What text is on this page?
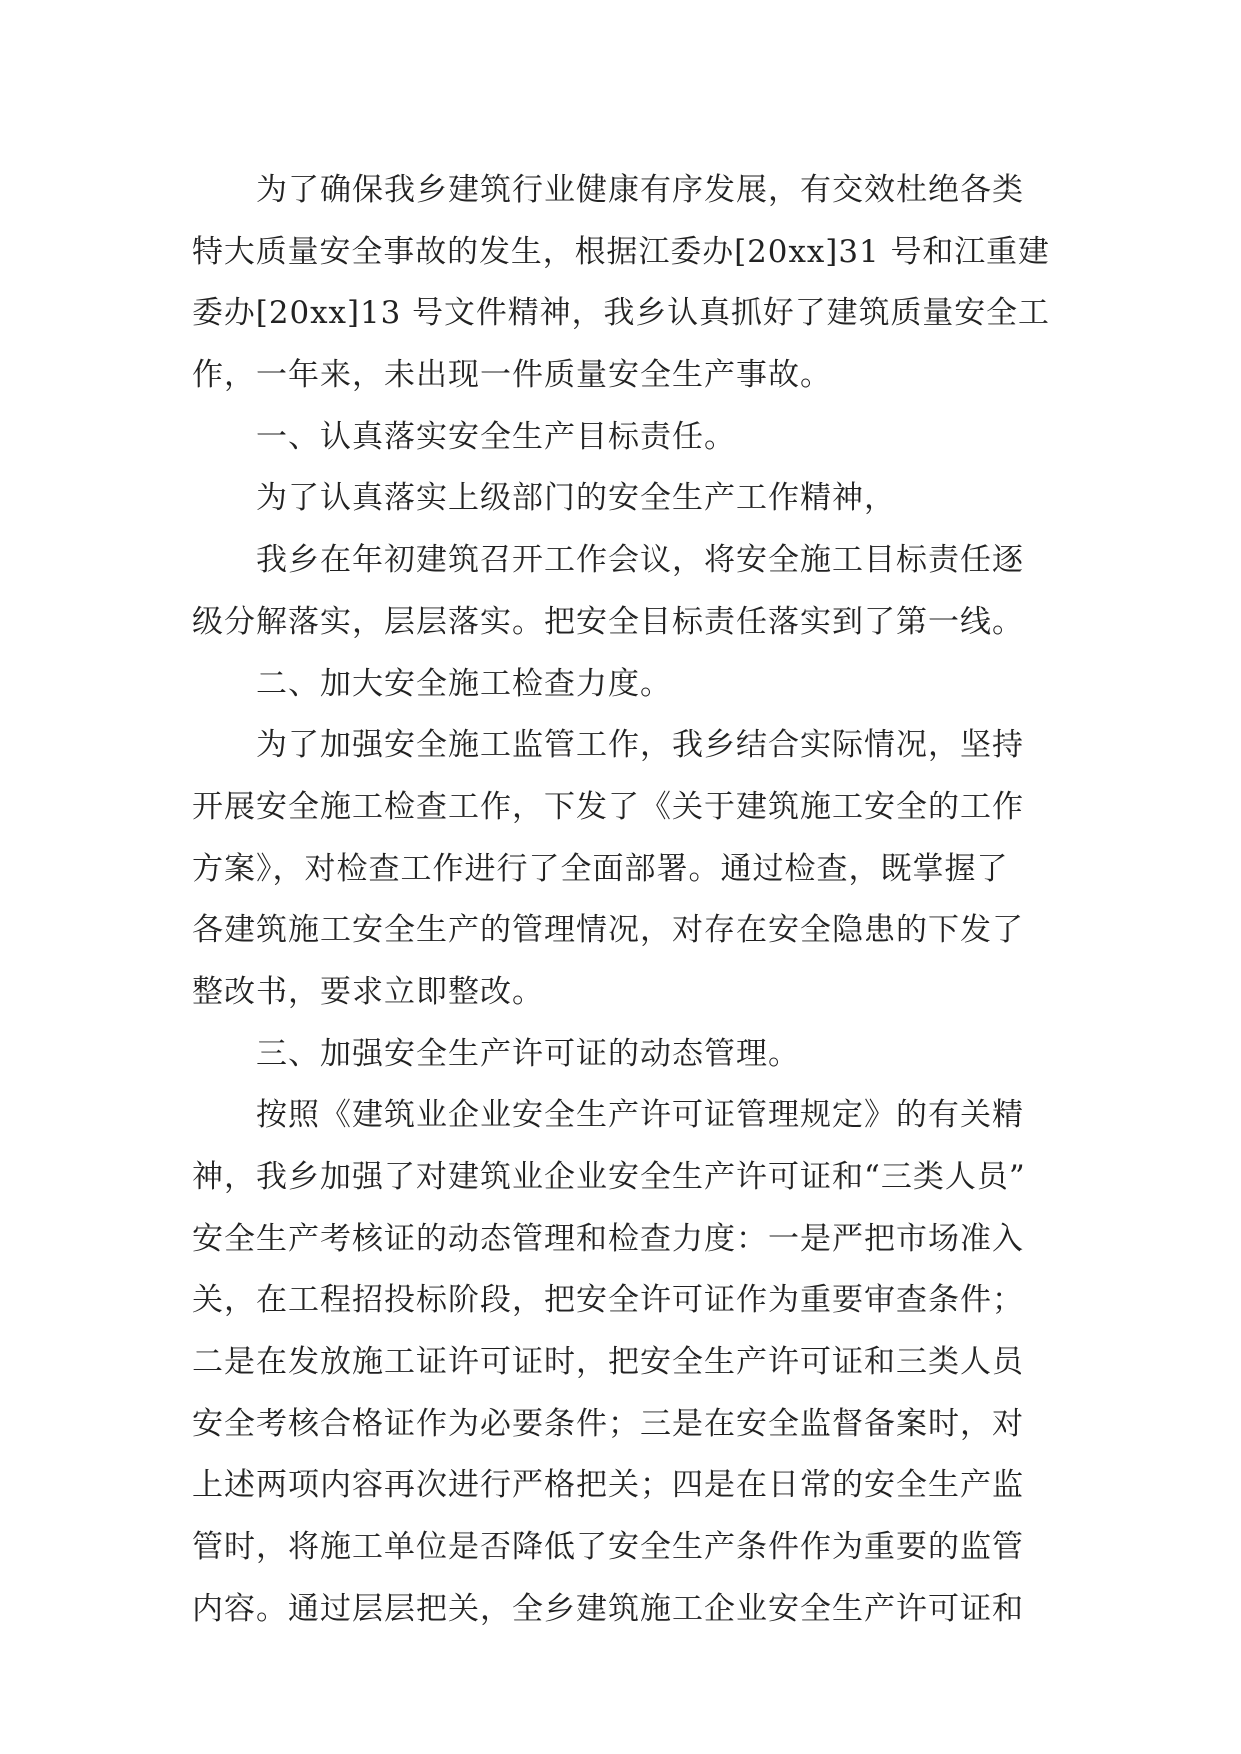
为了确保我乡建筑行业健康有序发展，有交效杜绝各类
特大质量安全事故的发生，根据江委办[20xx]31 号和江重建
委办[20xx]13 号文件精神，我乡认真抓好了建筑质量安全工
作，一年来，未出现一件质量安全生产事故。
一、认真落实安全生产目标责任。
为了认真落实上级部门的安全生产工作精神，
我乡在年初建筑召开工作会议，将安全施工目标责任逐
级分解落实，层层落实。把安全目标责任落实到了第一线。
二、加大安全施工检查力度。
为了加强安全施工监管工作，我乡结合实际情况，坚持
开展安全施工检查工作，下发了《关于建筑施工安全的工作
方案》，对检查工作进行了全面部署。通过检查，既掌握了
各建筑施工安全生产的管理情况，对存在安全隐患的下发了
整改书，要求立即整改。
三、加强安全生产许可证的动态管理。
按照《建筑业企业安全生产许可证管理规定》的有关精
神，我乡加强了对建筑业企业安全生产许可证和“三类人员”
安全生产考核证的动态管理和检查力度：一是严把市场准入
关，在工程招投标阶段，把安全许可证作为重要审查条件；
二是在发放施工证许可证时，把安全生产许可证和三类人员
安全考核合格证作为必要条件；三是在安全监督备案时，对
上述两项内容再次进行严格把关；四是在日常的安全生产监
管时，将施工单位是否降低了安全生产条件作为重要的监管
内容。通过层层把关，全乡建筑施工企业安全生产许可证和
